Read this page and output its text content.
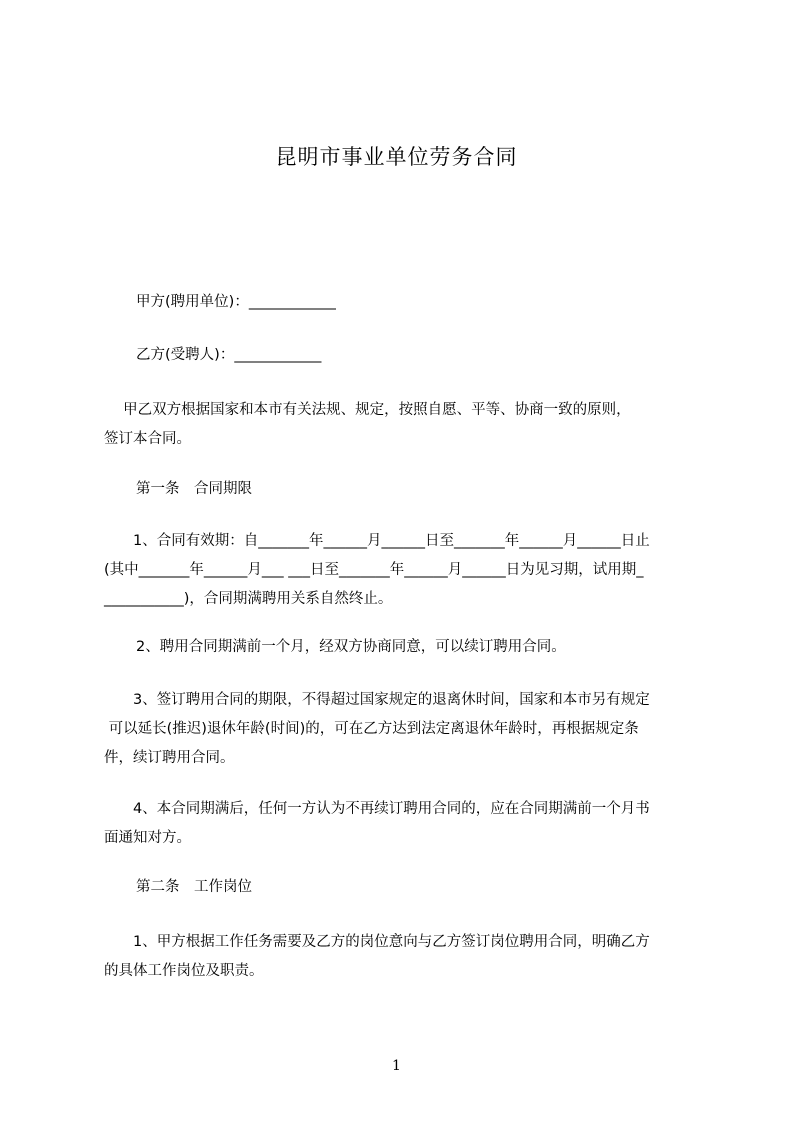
昆明市事业单位劳务合同
甲方(聘用单位)：____________
乙方(受聘人)：____________
　 甲乙双方根据国家和本市有关法规、规定，按照自愿、平等、协商一致的原则，
签订本合同。
第一条　合同期限
　　1、合同有效期：自_______年______月______日至_______年______月______日止
(其中_______年______月___ ___日至_______年______月______日为见习期，试用期_
___________)，合同期满聘用关系自然终止。
2、聘用合同期满前一个月，经双方协商同意，可以续订聘用合同。
　　3、签订聘用合同的期限，不得超过国家规定的退离休时间，国家和本市另有规定
可以延长(推迟)退休年龄(时间)的，可在乙方达到法定离退休年龄时，再根据规定条
件，续订聘用合同。
　　4、本合同期满后，任何一方认为不再续订聘用合同的，应在合同期满前一个月书
面通知对方。
第二条　工作岗位
　　1、甲方根据工作任务需要及乙方的岗位意向与乙方签订岗位聘用合同，明确乙方
的具体工作岗位及职责。
1
